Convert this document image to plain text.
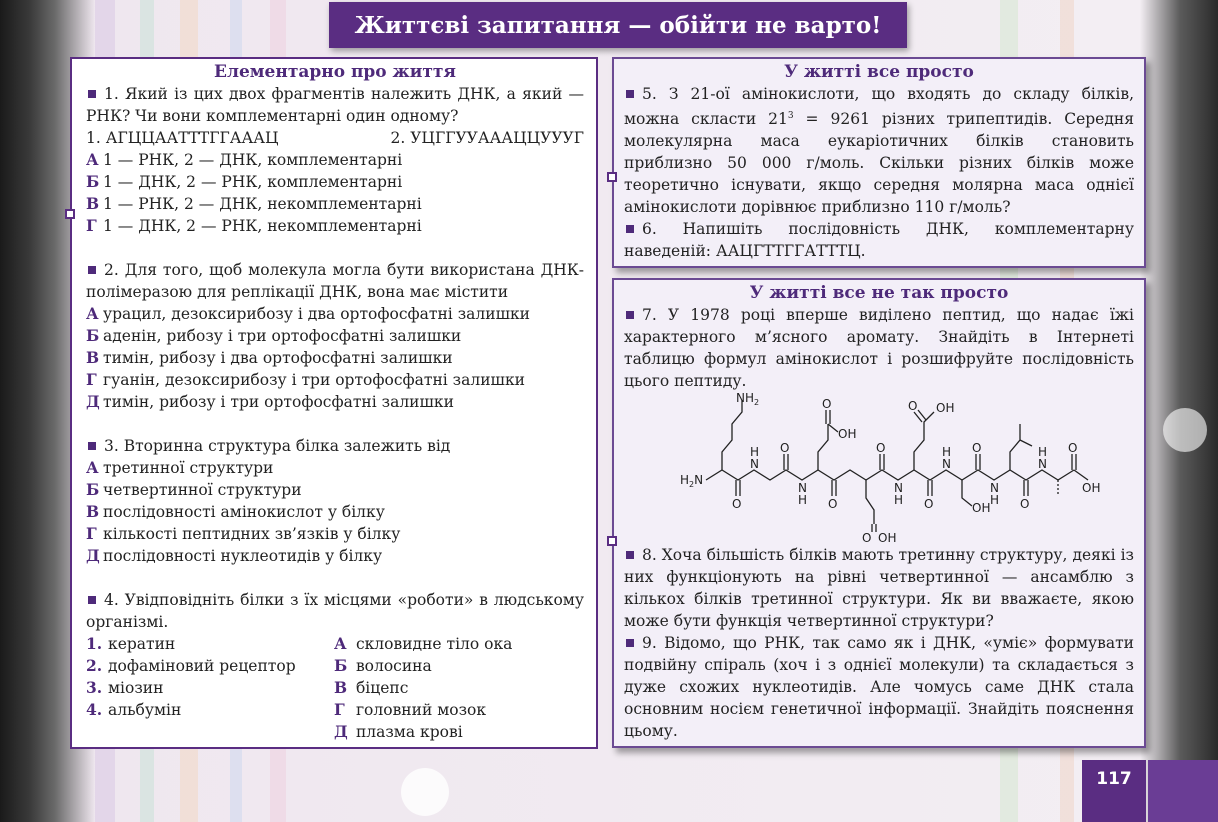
Життєві запитання — обійти не варто!
Елементарно про життя
1. Який із цих двох фрагментів належить ДНК, а який — РНК? Чи вони комплементарні один одному?
1. АГЦЦААТТТГГАААЦ	2. УЦГГУУАААЦЦУУУГ
А 1 — РНК, 2 — ДНК, комплементарні
Б 1 — ДНК, 2 — РНК, комплементарні
В 1 — РНК, 2 — ДНК, некомплементарні
Г 1 — ДНК, 2 — РНК, некомплементарні
2. Для того, щоб молекула могла бути використана ДНК-полімеразою для реплікації ДНК, вона має містити
А урацил, дезоксирибозу і два ортофосфатні залишки
Б аденін, рибозу і три ортофосфатні залишки
В тимін, рибозу і два ортофосфатні залишки
Г гуанін, дезоксирибозу і три ортофосфатні залишки
Д тимін, рибозу і три ортофосфатні залишки
3. Вторинна структура білка залежить від
А третинної структури
Б четвертинної структури
В послідовності амінокислот у білку
Г кількості пептидних зв’язків у білку
Д послідовності нуклеотидів у білку
4. Увідповідніть білки з їх місцями «роботи» в людському організмі.
1. кератин	А скловидне тіло ока
2. дофаміновий рецептор	Б волосина
3. міозин	В біцепс
4. альбумін	Г головний мозок
Д плазма крові
У житті все просто
5. З 21-ої амінокислоти, що входять до складу білків, можна скласти $21^3 = 9261$ різних трипептидів. Середня молекулярна маса еукаріотичних білків становить приблизно 50 000 г/моль. Скільки різних білків може теоретично існувати, якщо середня молярна маса однієї амінокислоти дорівнює приблизно 110 г/моль?
6. Напишіть послідовність ДНК, комплементарну наведеній: ААЦГТТГГАТТТЦ.
У житті все не так просто
7. У 1978 році вперше виділено пептид, що надає їжі характерного м’ясного аромату. Знайдіть в Інтернеті таблицю формул амінокислот і розшифруйте послідовність цього пептиду.
$NH_2$
$H_2N$
O
H
N
O
N
H
O
OH
O
O
O OH
N
H
O OH
O
H
N
O
OH
N
H O
H
N
O
OH
8. Хоча більшість білків мають третинну структуру, деякі із них функціонують на рівні четвертинної — ансамблю з кількох білків третинної структури. Як ви вважаєте, якою може бути функція четвертинної структури?
9. Відомо, що РНК, так само як і ДНК, «уміє» формувати подвійну спіраль (хоч і з однієї молекули) та складається з дуже схожих нуклеотидів. Але чомусь саме ДНК стала основним носієм генетичної інформації. Знайдіть пояснення цьому.
117
